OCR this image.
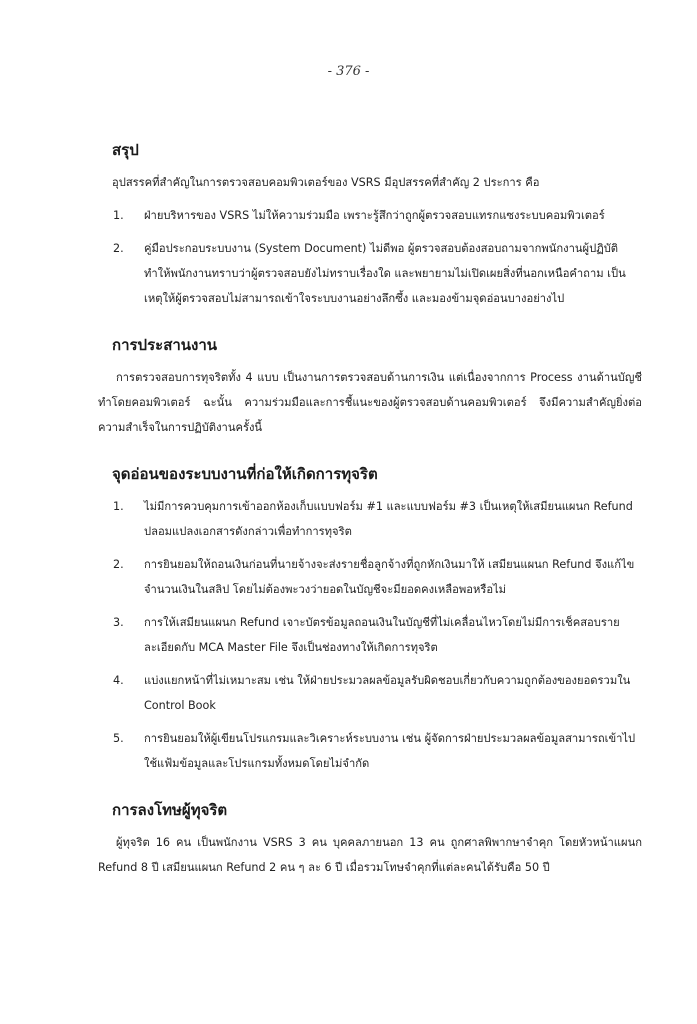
- 376 -
สรุป

อุปสรรคที่สำคัญในการตรวจสอบคอมพิวเตอร์ของ VSRS มีอุปสรรคที่สำคัญ 2 ประการ คือ

1. ฝ่ายบริหารของ VSRS ไม่ให้ความร่วมมือ เพราะรู้สึกว่าถูกผู้ตรวจสอบแทรกแซงระบบคอมพิวเตอร์
2. คู่มือประกอบระบบงาน (System Document) ไม่ดีพอ ผู้ตรวจสอบต้องสอบถามจากพนักงานผู้ปฏิบัติ ทำให้พนักงานทราบว่าผู้ตรวจสอบยังไม่ทราบเรื่องใด และพยายามไม่เปิดเผยสิ่งที่นอกเหนือคำถาม เป็นเหตุให้ผู้ตรวจสอบไม่สามารถเข้าใจระบบงานอย่างลึกซึ้ง และมองข้ามจุดอ่อนบางอย่างไป
การประสานงาน

การตรวจสอบการทุจริตทั้ง 4 แบบ เป็นงานการตรวจสอบด้านการเงิน แต่เนื่องจากการ Process งานด้านบัญชีทำโดยคอมพิวเตอร์ ฉะนั้น ความร่วมมือและการชี้แนะของผู้ตรวจสอบด้านคอมพิวเตอร์ จึงมีความสำคัญยิ่งต่อความสำเร็จในการปฏิบัติงานครั้งนี้

จุดอ่อนของระบบงานที่ก่อให้เกิดการทุจริต
1. ไม่มีการควบคุมการเข้าออกห้องเก็บแบบฟอร์ม #1 และแบบฟอร์ม #3 เป็นเหตุให้เสมียนแผนก Refund ปลอมแปลงเอกสารดังกล่าวเพื่อทำการทุจริต
2. การยินยอมให้ถอนเงินก่อนที่นายจ้างจะส่งรายชื่อลูกจ้างที่ถูกหักเงินมาให้ เสมียนแผนก Refund จึงแก้ไขจำนวนเงินในสลิป โดยไม่ต้องพะวงว่ายอดในบัญชีจะมียอดคงเหลือพอหรือไม่
3. การให้เสมียนแผนก Refund เจาะบัตรข้อมูลถอนเงินในบัญชีที่ไม่เคลื่อนไหวโดยไม่มีการเช็คสอบรายละเอียดกับ MCA Master File จึงเป็นช่องทางให้เกิดการทุจริต
4. แบ่งแยกหน้าที่ไม่เหมาะสม เช่น ให้ฝ่ายประมวลผลข้อมูลรับผิดชอบเกี่ยวกับความถูกต้องของยอดรวมใน Control Book
5. การยินยอมให้ผู้เขียนโปรแกรมและวิเคราะห์ระบบงาน เช่น ผู้จัดการฝ่ายประมวลผลข้อมูลสามารถเข้าไปใช้แฟ้มข้อมูลและโปรแกรมทั้งหมดโดยไม่จำกัด
การลงโทษผู้ทุจริต

ผู้ทุจริต 16 คน เป็นพนักงาน VSRS 3 คน บุคคลภายนอก 13 คน ถูกศาลพิพากษาจำคุก โดยหัวหน้าแผนก Refund 8 ปี เสมียนแผนก Refund 2 คน ๆ ละ 6 ปี เมื่อรวมโทษจำคุกที่แต่ละคนได้รับคือ 50 ปี
